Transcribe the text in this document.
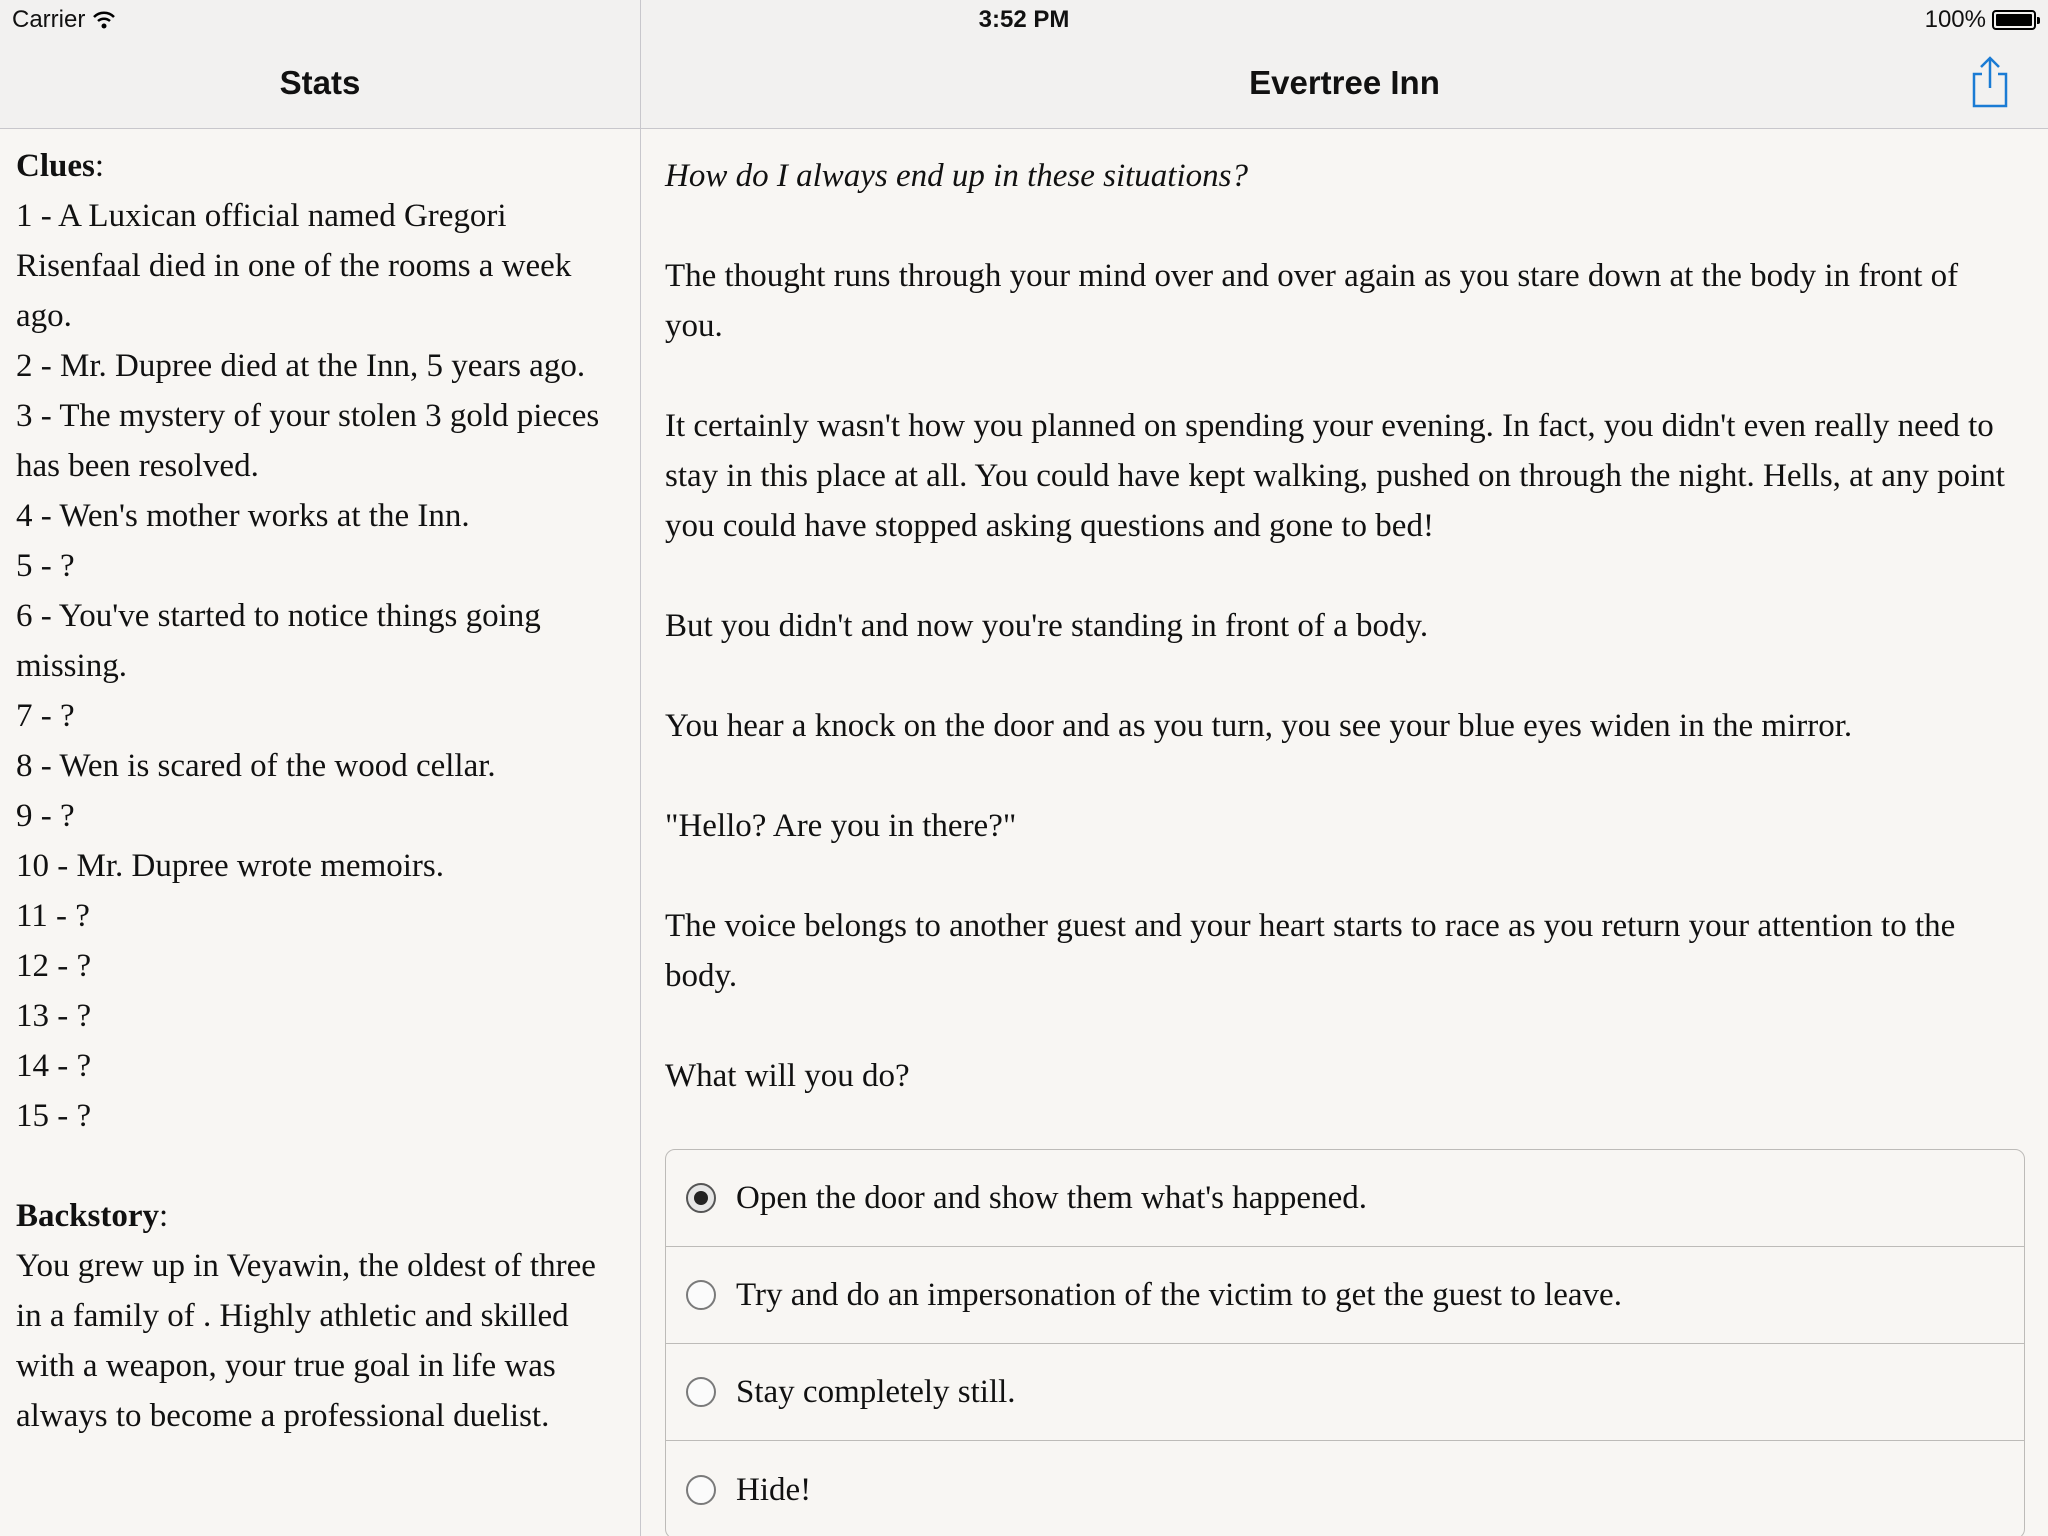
Carrier	3:52 PM	100%
Stats	Evertree Inn
Clues:
1 - A Luxican official named Gregori Risenfaal died in one of the rooms a week ago.
2 - Mr. Dupree died at the Inn, 5 years ago.
3 - The mystery of your stolen 3 gold pieces has been resolved.
4 - Wen's mother works at the Inn.
5 - ?
6 - You've started to notice things going missing.
7 - ?
8 - Wen is scared of the wood cellar.
9 - ?
10 - Mr. Dupree wrote memoirs.
11 - ?
12 - ?
13 - ?
14 - ?
15 - ?
Backstory:
You grew up in Veyawin, the oldest of three in a family of . Highly athletic and skilled with a weapon, your true goal in life was always to become a professional duelist.

How do I always end up in these situations?

The thought runs through your mind over and over again as you stare down at the body in front of you.

It certainly wasn't how you planned on spending your evening. In fact, you didn't even really need to stay in this place at all. You could have kept walking, pushed on through the night. Hells, at any point you could have stopped asking questions and gone to bed!

But you didn't and now you're standing in front of a body.

You hear a knock on the door and as you turn, you see your blue eyes widen in the mirror.

"Hello? Are you in there?"

The voice belongs to another guest and your heart starts to race as you return your attention to the body.

What will you do?

Open the door and show them what's happened.
Try and do an impersonation of the victim to get the guest to leave.
Stay completely still.
Hide!
